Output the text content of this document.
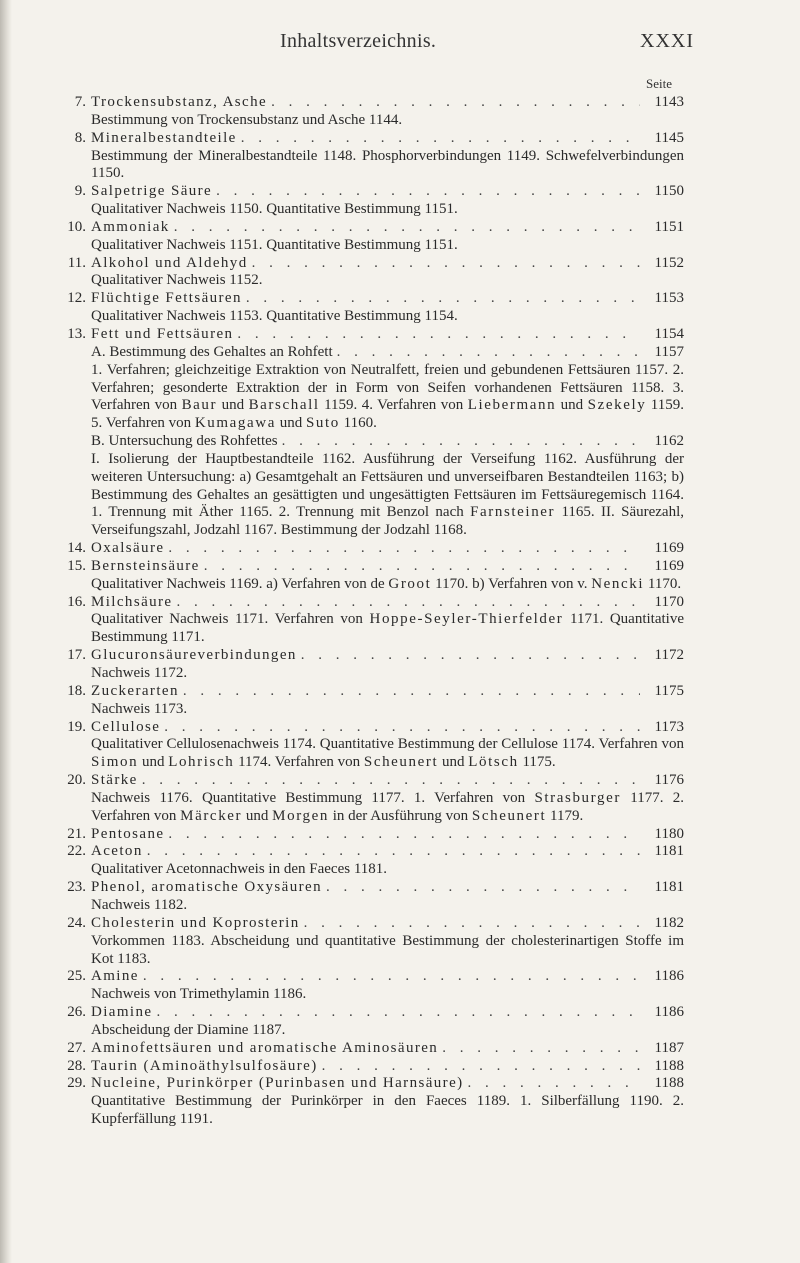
Inhaltsverzeichnis.	XXXI
Seite
7. Trockensubstanz, Asche . . .	1143
Bestimmung von Trockensubstanz und Asche 1144.
8. Mineralbestandteile . . .	1145
Bestimmung der Mineralbestandteile 1148. Phosphorverbindungen 1149. Schwefelverbindungen 1150.
9. Salpetrige Säure . . .	1150
Qualitativer Nachweis 1150. Quantitative Bestimmung 1151.
10. Ammoniak . . .	1151
Qualitativer Nachweis 1151. Quantitative Bestimmung 1151.
11. Alkohol und Aldehyd . . .	1152
Qualitativer Nachweis 1152.
12. Flüchtige Fettsäuren . . .	1153
Qualitativer Nachweis 1153. Quantitative Bestimmung 1154.
13. Fett und Fettsäuren . . .	1154
A. Bestimmung des Gehaltes an Rohfett . . .	1157
1. Verfahren; gleichzeitige Extraktion von Neutralfett, freien und gebundenen Fettsäuren 1157. 2. Verfahren; gesonderte Extraktion der in Form von Seifen vorhandenen Fettsäuren 1158. 3. Verfahren von Baur und Barschall 1159. 4. Verfahren von Liebermann und Szekely 1159. 5. Verfahren von Kumagawa und Suto 1160.
B. Untersuchung des Rohfettes . . .	1162
I. Isolierung der Hauptbestandteile 1162. Ausführung der Verseifung 1162. Ausführung der weiteren Untersuchung: a) Gesamtgehalt an Fettsäuren und unverseifbaren Bestandteilen 1163; b) Bestimmung des Gehaltes an gesättigten und ungesättigten Fettsäuren im Fettsäuregemisch 1164. 1. Trennung mit Äther 1165. 2. Trennung mit Benzol nach Farnsteiner 1165. II. Säurezahl, Verseifungszahl, Jodzahl 1167. Bestimmung der Jodzahl 1168.
14. Oxalsäure . . .	1169
15. Bernsteinsäure . . .	1169
Qualitativer Nachweis 1169. a) Verfahren von de Groot 1170. b) Verfahren von v. Nencki 1170.
16. Milchsäure . . .	1170
Qualitativer Nachweis 1171. Verfahren von Hoppe-Seyler-Thierfelder 1171. Quantitative Bestimmung 1171.
17. Glucuronsäureverbindungen . . .	1172
Nachweis 1172.
18. Zuckerarten . . .	1175
Nachweis 1173.
19. Cellulose . . .	1173
Qualitativer Cellulosenachweis 1174. Quantitative Bestimmung der Cellulose 1174. Verfahren von Simon und Lohrisch 1174. Verfahren von Scheunert und Lötsch 1175.
20. Stärke . . .	1176
Nachweis 1176. Quantitative Bestimmung 1177. 1. Verfahren von Strasburger 1177. 2. Verfahren von Märcker und Morgen in der Ausführung von Scheunert 1179.
21. Pentosane . . .	1180
22. Aceton . . .	1181
Qualitativer Acetonnachweis in den Faeces 1181.
23. Phenol, aromatische Oxysäuren . . .	1181
Nachweis 1182.
24. Cholesterin und Koprosterin . . .	1182
Vorkommen 1183. Abscheidung und quantitative Bestimmung der cholesterinartigen Stoffe im Kot 1183.
25. Amine . . .	1186
Nachweis von Trimethylamin 1186.
26. Diamine . . .	1186
Abscheidung der Diamine 1187.
27. Aminofettsäuren und aromatische Aminosäuren . . .	1187
28. Taurin (Aminoäthylsulfosäure) . . .	1188
29. Nucleine, Purinkörper (Purinbasen und Harnsäure) . . .	1188
Quantitative Bestimmung der Purinkörper in den Faeces 1189. 1. Silberfällung 1190. 2. Kupferfällung 1191.
